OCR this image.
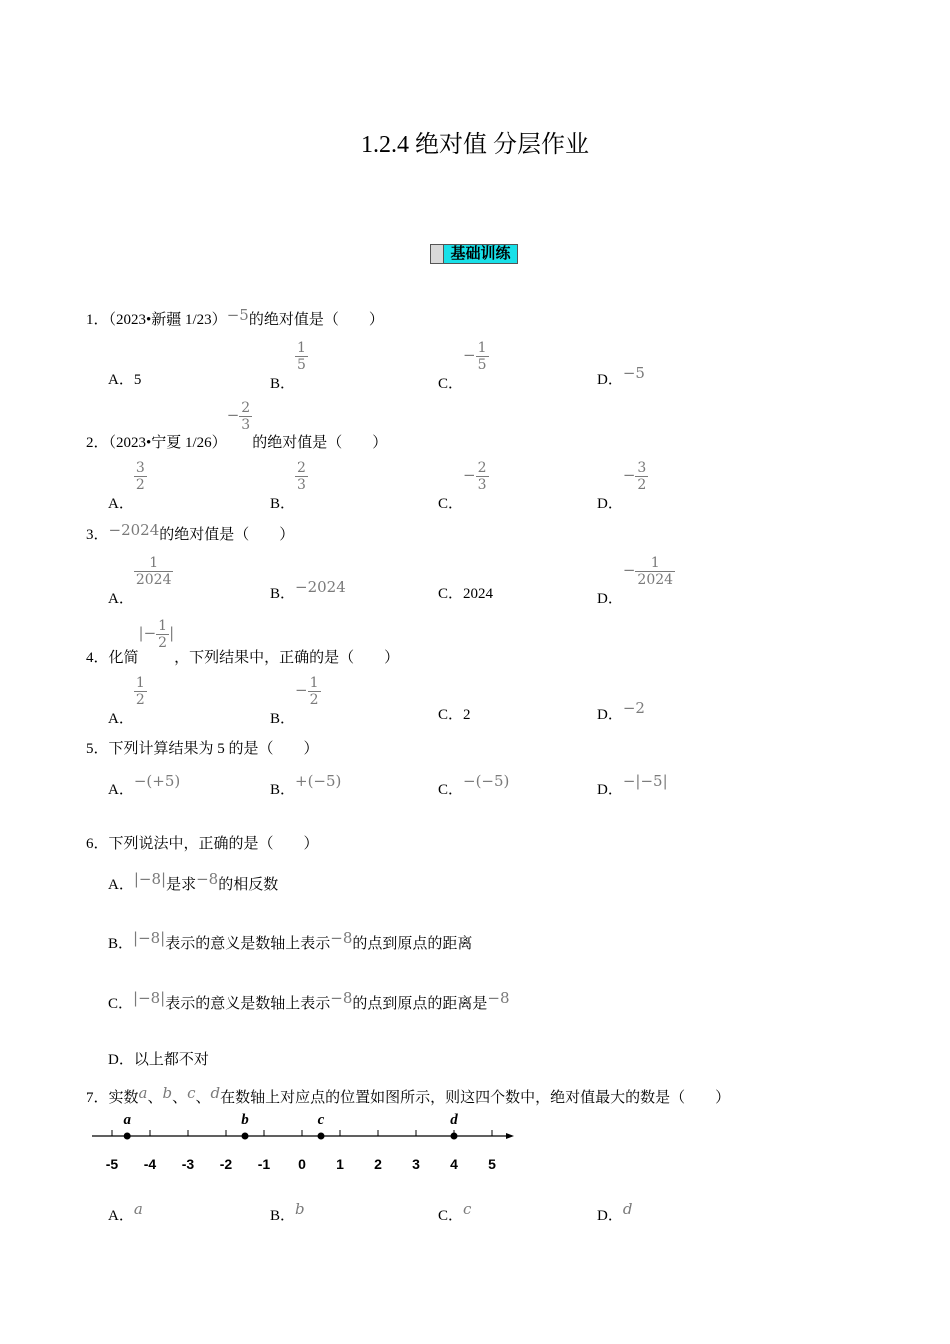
1.2.4 绝对值 分层作业
基础训练
1．（2023•新疆 1/23）−5的绝对值是（　　）
A．5	B．
$\frac{1}{5}$
C．− $\frac{1}{5}$
D．−5
2．（2023•宁夏 $1/26)- \frac{2}{3}$
的绝对值是（　　）
A．
$\frac{3}{2}$
B．
$\frac{2}{3}$
C．− $\frac{2}{3}$
D．− $\frac{3}{2}$
3．−2024的绝对值是（　　）
A．
$\frac{1}{2024}$
B．−2024	C．2024	D．− $\frac{1}{2024}$
4．化简|− $\frac{1}{2}$ |，下列结果中，正确的是（　　）
A．
$\frac{1}{2}$
B．− $\frac{1}{2}$
C．2	D．−2
5．下列计算结果为 5 的是（　　）
A．−(+5)	B．+(−5)	C．−(−5)	D．−|−5|
6．下列说法中，正确的是（　　）
A．|−8|是求−8的相反数
B．|−8|表示的意义是数轴上表示−8的点到原点的距离
C．|−8|表示的意义是数轴上表示−8的点到原点的距离是−8
D．以上都不对
7．实数a、b、c、d在数轴上对应点的位置如图所示，则这四个数中，绝对值最大的数是（　　）
-5 -4 -3 -2 -1 0 1 2 3 4 5
a	b	c	d
A．a	B．b	C．c	D．d
